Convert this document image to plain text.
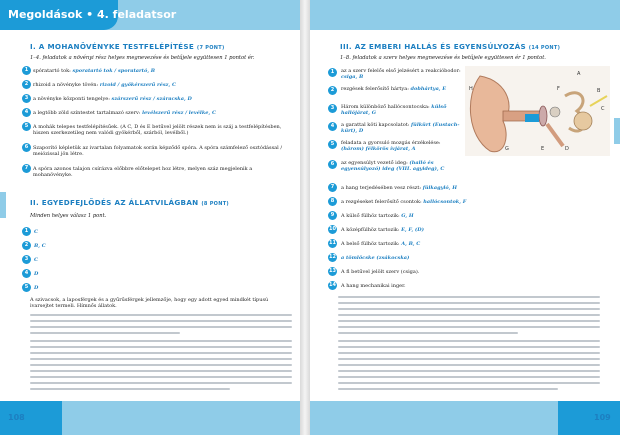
Megoldások • 4. feladatsor
I. A MOHANÖVÉNYKE TESTFELÉPÍTÉSE (7 PONT)
1–4. feladatok a növényi rész helyes megnevezése és betűjele együttesen 1 pontot ér.
1 spóratartó tok: sporatartó tok / sporatartó, B
2 rhizoid a növényke tövén: rizoid / gyökérszerű rész, C
3 a növényke központi tengelye: szárszerű rész / száracska, D
4 a legtöbb zöld színtestet tartalmazó szerv: levélszerű rész / levélke, C
5 A mohák telepes testfelépítésűek. (A C, D és E betűvel jelölt részek nem is száj a testfelépítésben, hiszen szerkezetileg nem valódi gyökérből, szárból, levélből.)
6 Szaporító képletük az ivartalan folyamatok során képződő spóra. A spóra számfelező osztódással / meiózissal jön létre.
7 A spóra azonos talajon csírázva előbbre előtelepet hoz létre, melyen száz megjelenik a mohanövényke.
II. EGYEDFEJLŐDÉS AZ ÁLLATVILÁGBAN (8 PONT)
Minden helyes válasz 1 pont.
1	C
2	B, C
3	C
4	D
5	D
A szivacsok, a laposférgek és a gyűrűsférgek jellemzője, hogy egy adott egyed mindkét típusú ivarsejtet termeli. Hímnős állatok.
108
III. AZ EMBERI HALLÁS ÉS EGYENSÚLYOZÁS (14 PONT)
1–8. feladatok a szerv helyes megnevezése és betűjele együttesen ér 1 pontot.
A
B
C
D
E
F
G
H
1	az a szerv felelős első jelzésért a reakcióbodor: csiga, B
2	rezgések felerősítő hártya: dobhártya, E
3	Három különböző hallócsontocska: külső hallójárat, G
4	a garattal köti kapcsolatot: fülkürt (Eustach-kürt), D
5	feladata a gyorsuló mozgás érzékelése: (három) félkörös ívjárat, A
6	az egyensúlyt vezető ideg: (halló és egyensúlyozó) ideg (VIII. agyideg), C
7	a hang terjedésében vesz részt: fülkagyló, H
8	a rezgéseket felerősítő csontok: hallócsontok, F
9	A külső fülhöz tartozik: G, H
10 A középfülhöz tartozik: E, F, (D)
11 A belső fülhöz tartozik: A, B, C
12 a tömlöcske (zsákocska)
13 A fl betűvel jelölt szerv (csiga).
14 A hang mechanikai inger.
109
